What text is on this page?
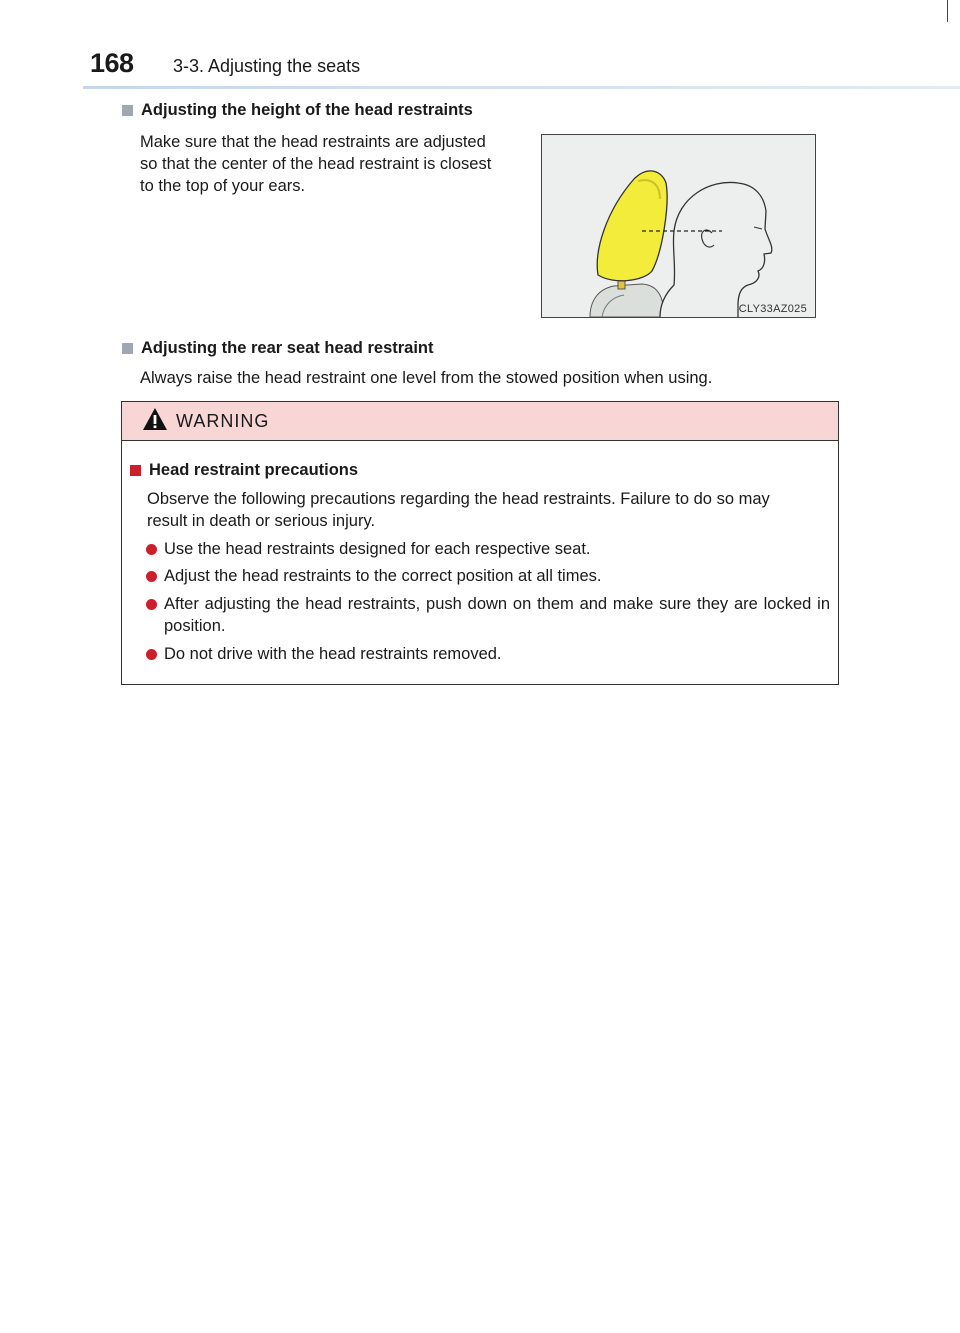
168 3-3. Adjusting the seats
Adjusting the height of the head restraints
Make sure that the head restraints are adjusted
so that the center of the head restraint is closest
to the top of your ears.
CLY33AZ025
Adjusting the rear seat head restraint
Always raise the head restraint one level from the stowed position when using.
WARNING
Head restraint precautions
Observe the following precautions regarding the head restraints. Failure to do so may
result in death or serious injury.
Use the head restraints designed for each respective seat.
Adjust the head restraints to the correct position at all times.
After adjusting the head restraints, push down on them and make sure they are locked in position.
Do not drive with the head restraints removed.
